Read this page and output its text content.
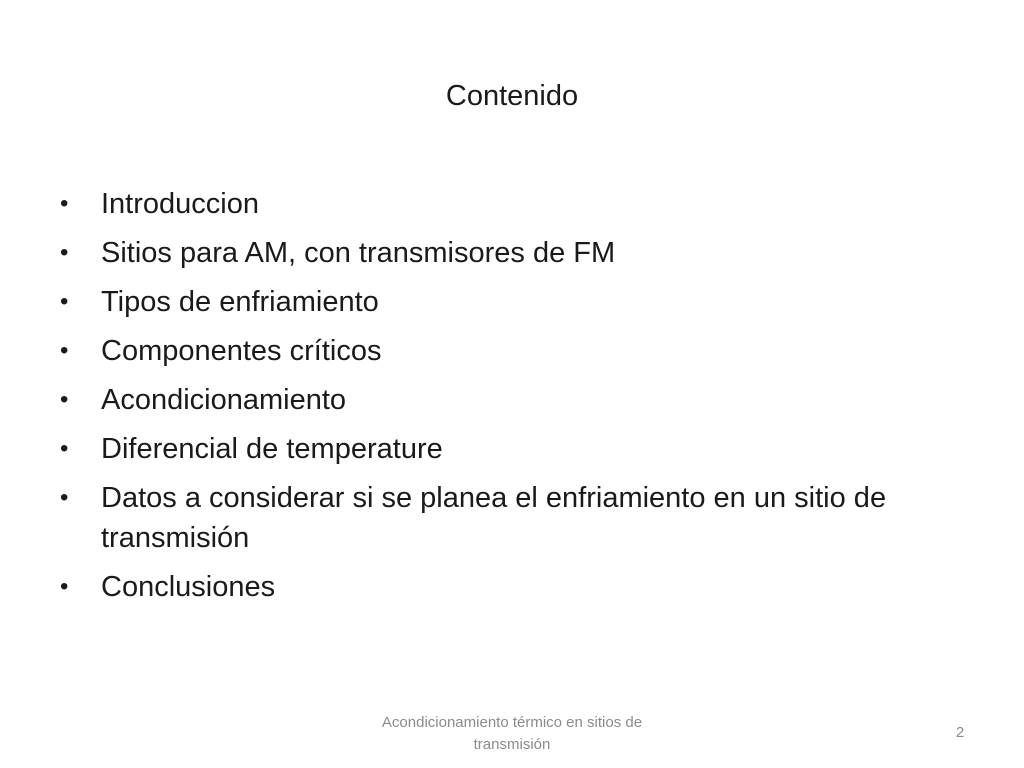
Contenido
•	Introduccion
•	Sitios para AM, con transmisores de FM
•	Tipos de enfriamiento
•	Componentes críticos
•	Acondicionamiento
•	Diferencial de temperature
•	Datos a considerar si se planea el enfriamiento en un sitio de transmisión
•	Conclusiones
Acondicionamiento térmico en sitios de transmisión
2
